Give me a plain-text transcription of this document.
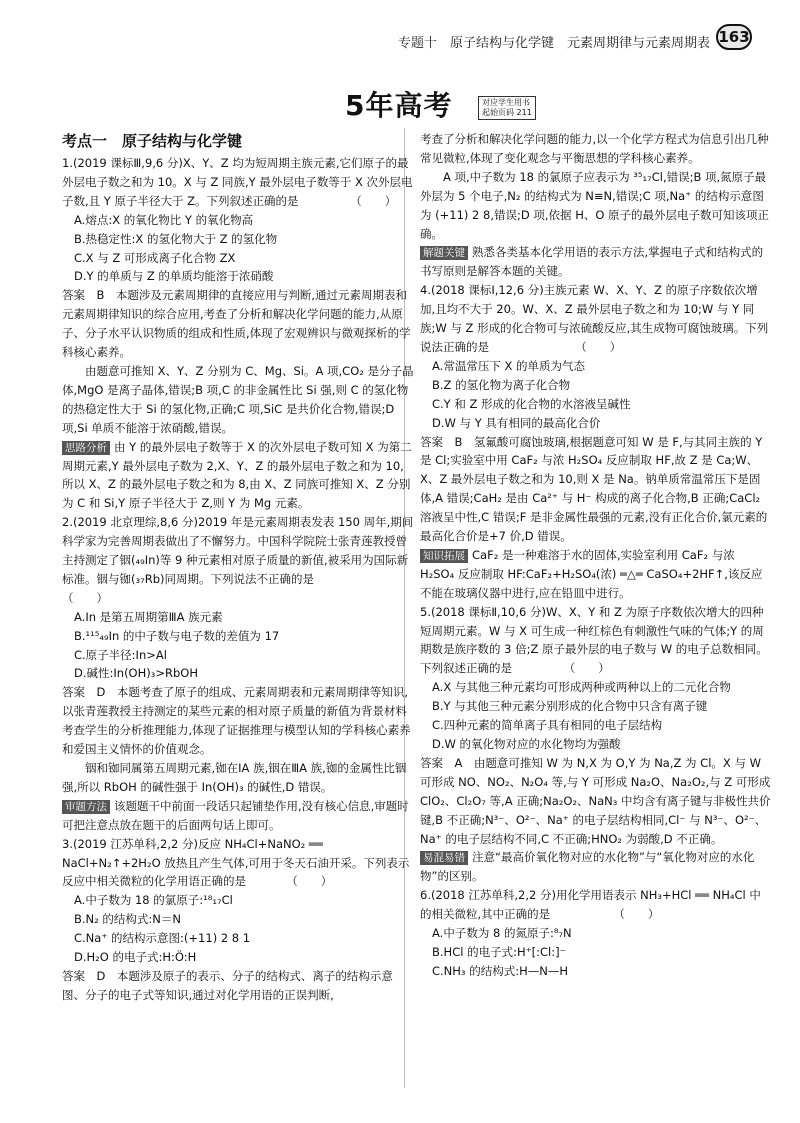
专题十　原子结构与化学键　元素周期律与元素周期表 163
5年高考	对应学生用书
起始页码 211
考点一　原子结构与化学键

1.(2019 课标Ⅲ,9,6 分)X、Y、Z 均为短周期主族元素,它们原子的最外层电子数之和为 10。X 与 Z 同族,Y 最外层电子数等于 X 次外层电子数,且 Y 原子半径大于 Z。下列叙述正确的是　　　　　（　　）

A.熔点:X 的氧化物比 Y 的氧化物高

B.热稳定性:X 的氢化物大于 Z 的氢化物

C.X 与 Z 可形成离子化合物 ZX

D.Y 的单质与 Z 的单质均能溶于浓硝酸

答案　B　本题涉及元素周期律的直接应用与判断,通过元素周期表和元素周期律知识的综合应用,考查了分析和解决化学问题的能力,从原子、分子水平认识物质的组成和性质,体现了宏观辨识与微观探析的学科核心素养。

由题意可推知 X、Y、Z 分别为 C、Mg、Si。A 项,CO₂ 是分子晶体,MgO 是离子晶体,错误;B 项,C 的非金属性比 Si 强,则 C 的氢化物的热稳定性大于 Si 的氢化物,正确;C 项,SiC 是共价化合物,错误;D 项,Si 单质不能溶于浓硝酸,错误。

思路分析 由 Y 的最外层电子数等于 X 的次外层电子数可知 X 为第二周期元素,Y 最外层电子数为 2,X、Y、Z 的最外层电子数之和为 10,所以 X、Z 的最外层电子数之和为 8,由 X、Z 同族可推知 X、Z 分别为 C 和 Si,Y 原子半径大于 Z,则 Y 为 Mg 元素。

2.(2019 北京理综,8,6 分)2019 年是元素周期表发表 150 周年,期间科学家为完善周期表做出了不懈努力。中国科学院院士张青莲教授曾主持测定了铟(₄₉In)等 9 种元素相对原子质量的新值,被采用为国际新标准。铟与铷(₃₇Rb)同周期。下列说法不正确的是　　　　　　　　　　（　　）

A.In 是第五周期第ⅢA 族元素

B.¹¹⁵₄₉In 的中子数与电子数的差值为 17

C.原子半径:In>Al

D.碱性:In(OH)₃>RbOH

答案　D　本题考查了原子的组成、元素周期表和元素周期律等知识,以张青莲教授主持测定的某些元素的相对原子质量的新值为背景材料考查学生的分析推理能力,体现了证据推理与模型认知的学科核心素养和爱国主义情怀的价值观念。

铟和铷同属第五周期元素,铷在ⅠA 族,铟在ⅢA 族,铷的金属性比铟强,所以 RbOH 的碱性强于 In(OH)₃ 的碱性,D 错误。

审题方法 该题题干中前面一段话只起铺垫作用,没有核心信息,审题时可把注意点放在题干的后面两句话上即可。

3.(2019 江苏单科,2,2 分)反应 NH₄Cl+NaNO₂ ══ NaCl+N₂↑+2H₂O 放热且产生气体,可用于冬天石油开采。下列表示反应中相关微粒的化学用语正确的是　　　　（　　）

A.中子数为 18 的氯原子:¹⁸₁₇Cl

B.N₂ 的结构式:N＝N

C.Na⁺ 的结构示意图:(+11) 2 8 1

D.H₂O 的电子式:H:Ö:H

答案　D　本题涉及原子的表示、分子的结构式、离子的结构示意图、分子的电子式等知识,通过对化学用语的正误判断,

考查了分析和解决化学问题的能力,以一个化学方程式为信息引出几种常见微粒,体现了变化观念与平衡思想的学科核心素养。

A 项,中子数为 18 的氯原子应表示为 ³⁵₁₇Cl,错误;B 项,氮原子最外层为 5 个电子,N₂ 的结构式为 N≡N,错误;C 项,Na⁺ 的结构示意图为 (+11) 2 8,错误;D 项,依据 H、O 原子的最外层电子数可知该项正确。

解题关键 熟悉各类基本化学用语的表示方法,掌握电子式和结构式的书写原则是解答本题的关键。

4.(2018 课标Ⅰ,12,6 分)主族元素 W、X、Y、Z 的原子序数依次增加,且均不大于 20。W、X、Z 最外层电子数之和为 10;W 与 Y 同族;W 与 Z 形成的化合物可与浓硫酸反应,其生成物可腐蚀玻璃。下列说法正确的是　　　　　　　　（　　）

A.常温常压下 X 的单质为气态

B.Z 的氢化物为离子化合物

C.Y 和 Z 形成的化合物的水溶液呈碱性

D.W 与 Y 具有相同的最高化合价

答案　B　氢氟酸可腐蚀玻璃,根据题意可知 W 是 F,与其同主族的 Y 是 Cl;实验室中用 CaF₂ 与浓 H₂SO₄ 反应制取 HF,故 Z 是 Ca;W、X、Z 最外层电子数之和为 10,则 X 是 Na。钠单质常温常压下是固体,A 错误;CaH₂ 是由 Ca²⁺ 与 H⁻ 构成的离子化合物,B 正确;CaCl₂ 溶液呈中性,C 错误;F 是非金属性最强的元素,没有正化合价,氯元素的最高化合价是+7 价,D 错误。

知识拓展 CaF₂ 是一种难溶于水的固体,实验室利用 CaF₂ 与浓 H₂SO₄ 反应制取 HF:CaF₂+H₂SO₄(浓) ═△═ CaSO₄+2HF↑,该反应不能在玻璃仪器中进行,应在铅皿中进行。

5.(2018 课标Ⅱ,10,6 分)W、X、Y 和 Z 为原子序数依次增大的四种短周期元素。W 与 X 可生成一种红棕色有刺激性气味的气体;Y 的周期数是族序数的 3 倍;Z 原子最外层的电子数与 W 的电子总数相同。下列叙述正确的是　　　　　（　　）

A.X 与其他三种元素均可形成两种或两种以上的二元化合物

B.Y 与其他三种元素分别形成的化合物中只含有离子键

C.四种元素的简单离子具有相同的电子层结构

D.W 的氧化物对应的水化物均为强酸

答案　A　由题意可推知 W 为 N,X 为 O,Y 为 Na,Z 为 Cl。X 与 W 可形成 NO、NO₂、N₂O₄ 等,与 Y 可形成 Na₂O、Na₂O₂,与 Z 可形成 ClO₂、Cl₂O₇ 等,A 正确;Na₂O₂、NaN₃ 中均含有离子键与非极性共价键,B 不正确;N³⁻、O²⁻、Na⁺ 的电子层结构相同,Cl⁻ 与 N³⁻、O²⁻、Na⁺ 的电子层结构不同,C 不正确;HNO₂ 为弱酸,D 不正确。

易混易错 注意“最高价氧化物对应的水化物”与“氧化物对应的水化物”的区别。

6.(2018 江苏单科,2,2 分)用化学用语表示 NH₃+HCl ══ NH₄Cl 中的相关微粒,其中正确的是　　　　　　（　　）

A.中子数为 8 的氮原子:⁸₇N

B.HCl 的电子式:H⁺[:Cl:]⁻

C.NH₃ 的结构式:H—N—H
